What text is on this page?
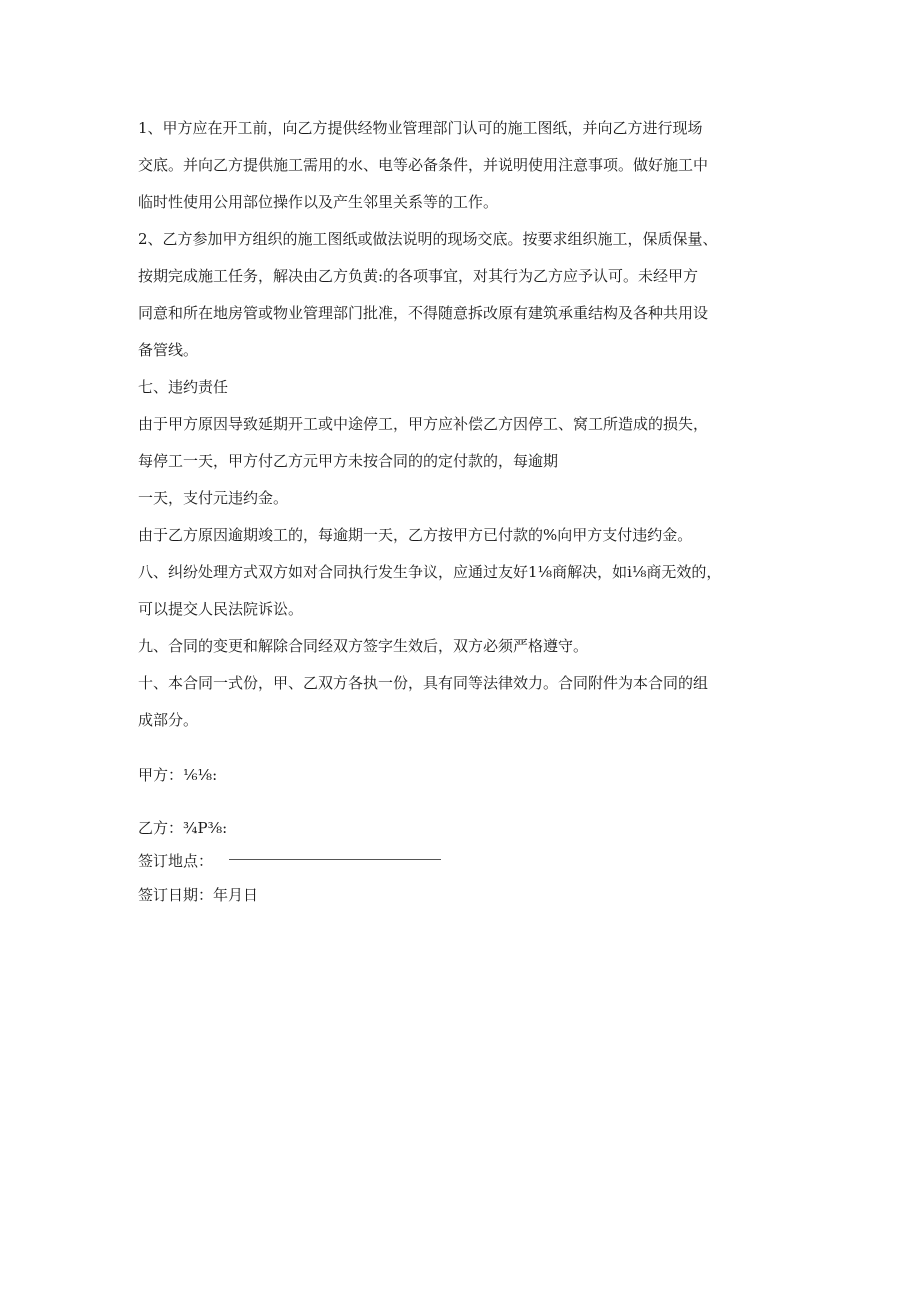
1、甲方应在开工前，向乙方提供经物业管理部门认可的施工图纸，并向乙方进行现场
交底。并向乙方提供施工需用的水、电等必备条件，并说明使用注意事项。做好施工中
临时性使用公用部位操作以及产生邻里关系等的工作。
2、乙方参加甲方组织的施工图纸或做法说明的现场交底。按要求组织施工，保质保量、
按期完成施工任务，解决由乙方负黄:的各项事宜，对其行为乙方应予认可。未经甲方
同意和所在地房管或物业管理部门批准，不得随意拆改原有建筑承重结构及各种共用设
备管线。
七、违约责任
由于甲方原因导致延期开工或中途停工，甲方应补偿乙方因停工、窝工所造成的损失，
每停工一天，甲方付乙方元甲方未按合同的的定付款的，每逾期
一天，支付元违约金。
由于乙方原因逾期竣工的，每逾期一天，乙方按甲方已付款的%向甲方支付违约金。
八、纠纷处理方式双方如对合同执行发生争议，应通过友好1⅛商解决，如i⅛商无效的，
可以提交人民法院诉讼。
九、合同的变更和解除合同经双方签字生效后，双方必须严格遵守。
十、本合同一式份，甲、乙双方各执一份，具有同等法律效力。合同附件为本合同的组
成部分。
甲方：⅙⅛:
乙方：¾P⅜:
签订地点：
签订日期：年月日
